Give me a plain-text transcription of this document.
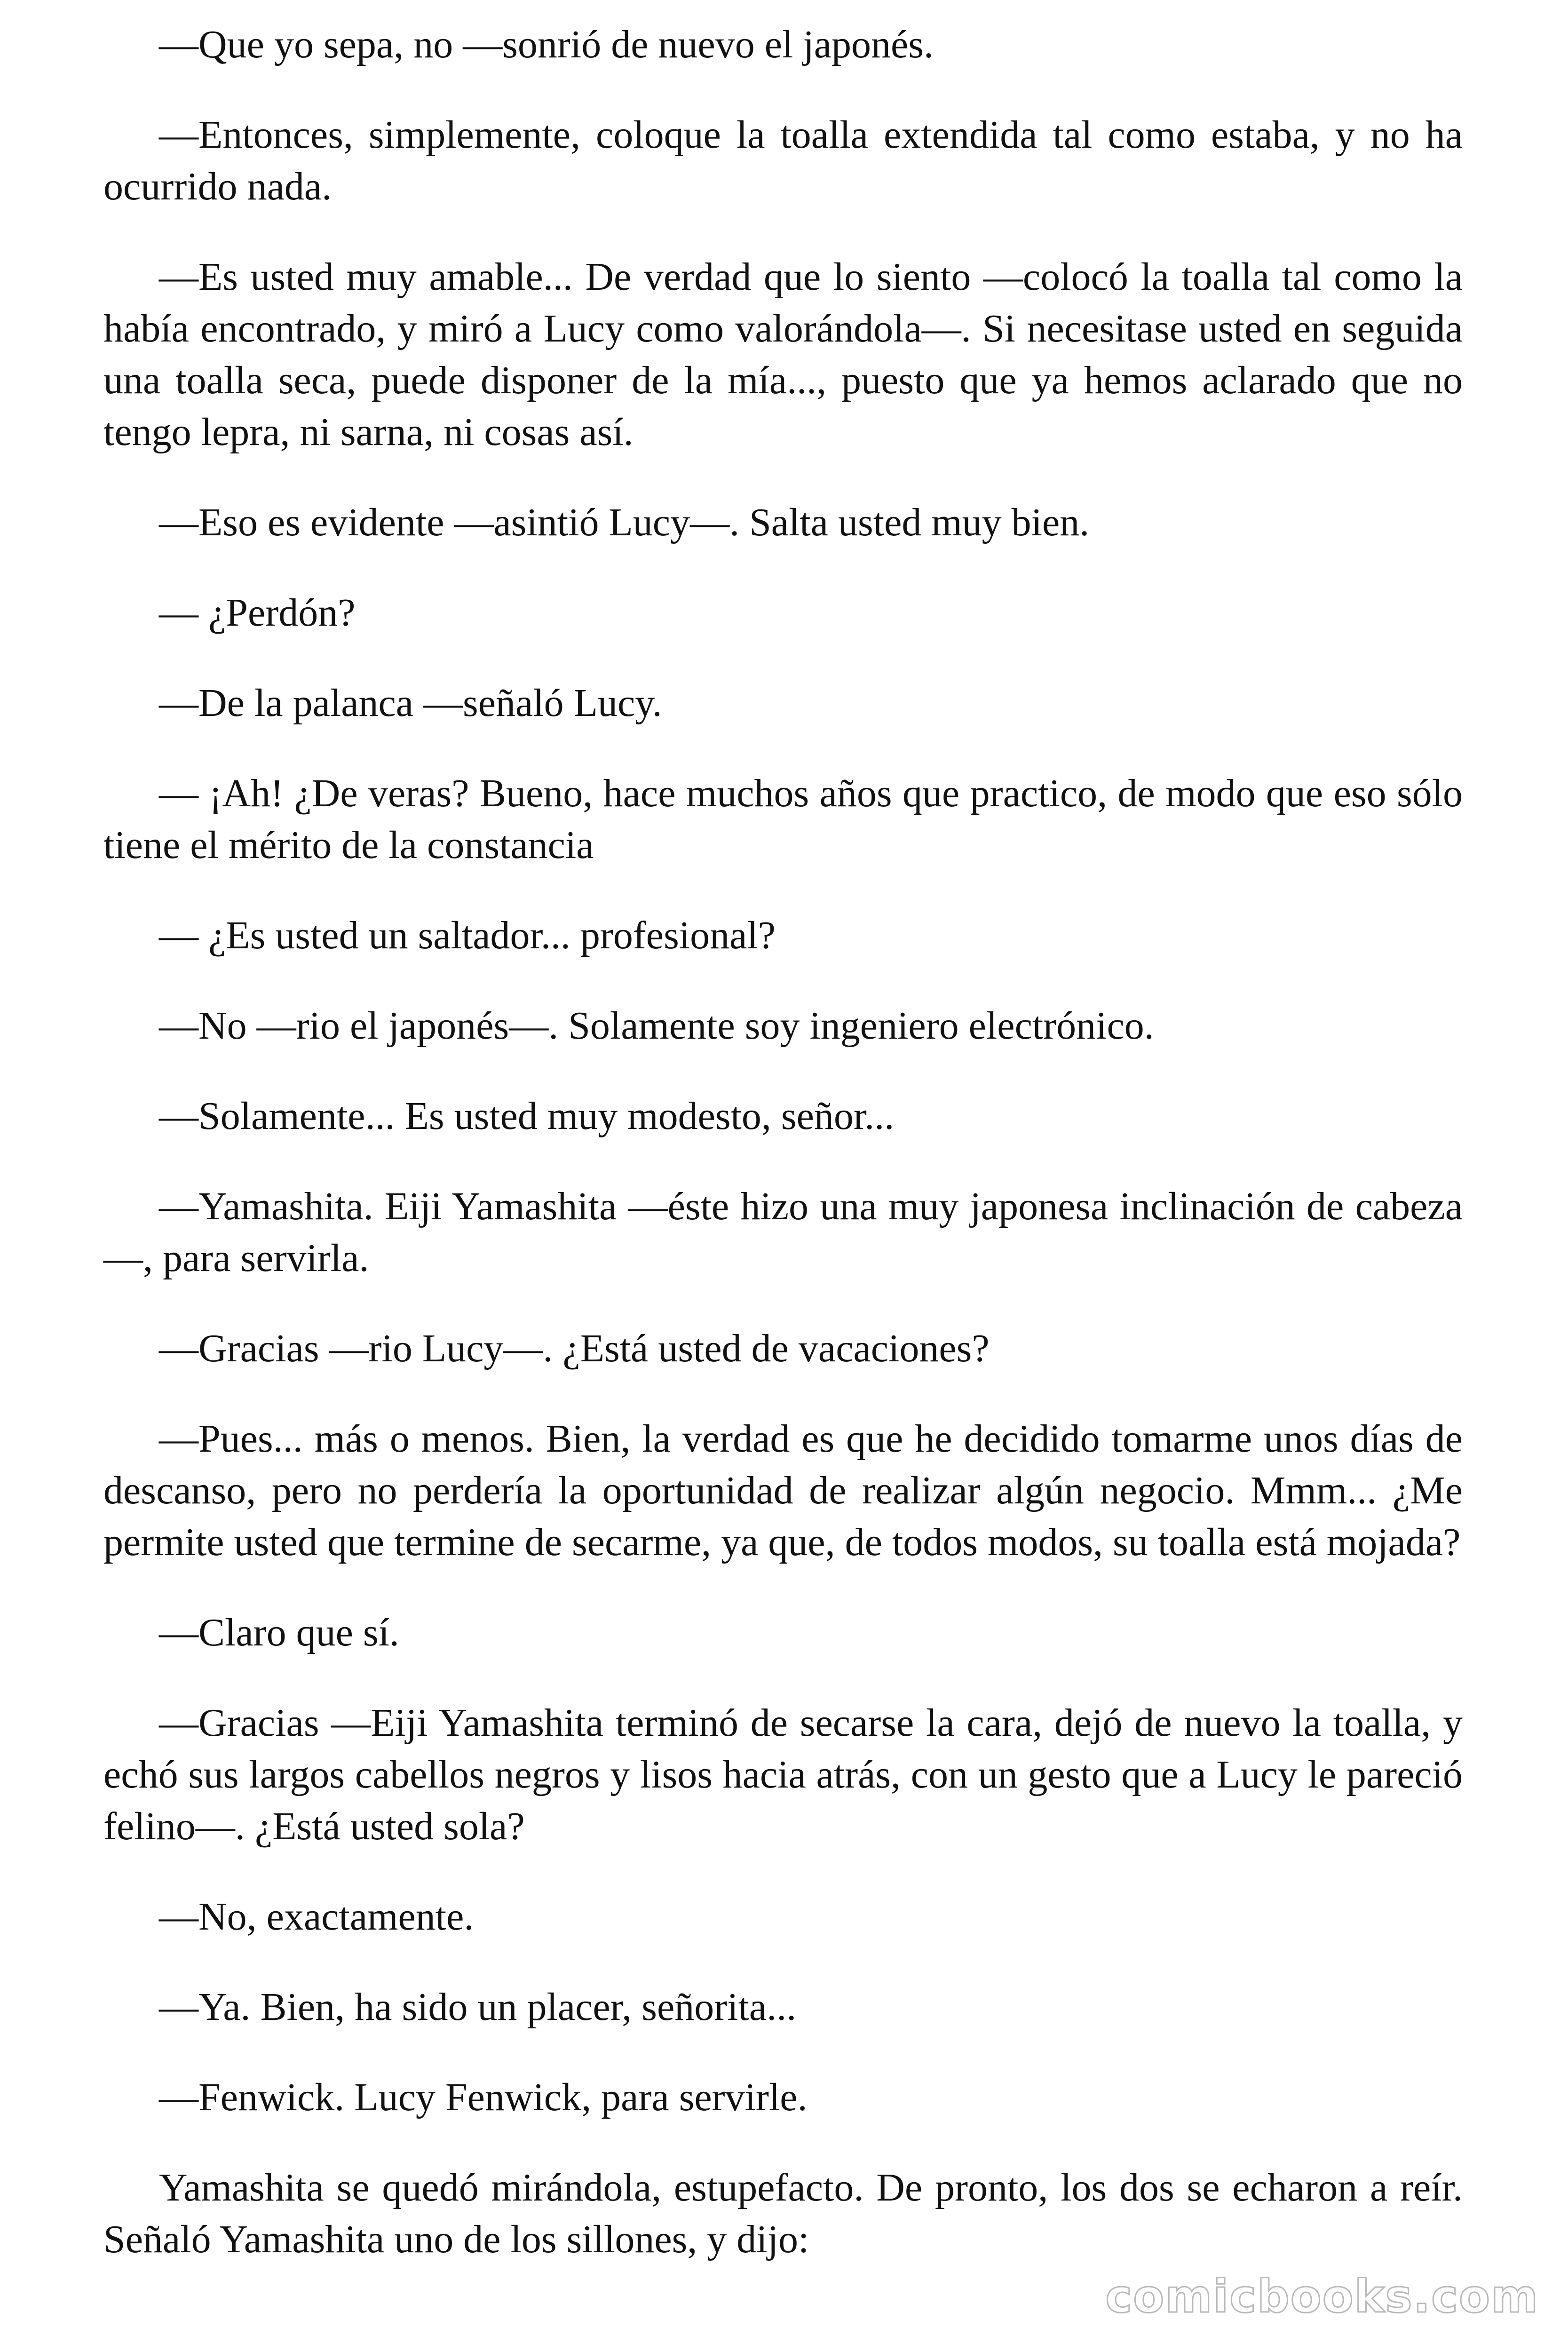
—Que yo sepa, no —sonrió de nuevo el japonés.

—Entonces, simplemente, coloque la toalla extendida tal como estaba, y no ha ocurrido nada.

—Es usted muy amable... De verdad que lo siento —colocó la toalla tal como la había encontrado, y miró a Lucy como valorándola—. Si necesitase usted en seguida una toalla seca, puede disponer de la mía..., puesto que ya hemos aclarado que no tengo lepra, ni sarna, ni cosas así.

—Eso es evidente —asintió Lucy—. Salta usted muy bien.

— ¿Perdón?

—De la palanca —señaló Lucy.

— ¡Ah! ¿De veras? Bueno, hace muchos años que practico, de modo que eso sólo tiene el mérito de la constancia

— ¿Es usted un saltador... profesional?

—No —rio el japonés—. Solamente soy ingeniero electrónico.

—Solamente... Es usted muy modesto, señor...

—Yamashita. Eiji Yamashita —éste hizo una muy japonesa inclinación de cabeza—, para servirla.

—Gracias —rio Lucy—. ¿Está usted de vacaciones?

—Pues... más o menos. Bien, la verdad es que he decidido tomarme unos días de descanso, pero no perdería la oportunidad de realizar algún negocio. Mmm... ¿Me permite usted que termine de secarme, ya que, de todos modos, su toalla está mojada?

—Claro que sí.

—Gracias —Eiji Yamashita terminó de secarse la cara, dejó de nuevo la toalla, y echó sus largos cabellos negros y lisos hacia atrás, con un gesto que a Lucy le pareció felino—. ¿Está usted sola?

—No, exactamente.

—Ya. Bien, ha sido un placer, señorita...

—Fenwick. Lucy Fenwick, para servirle.

Yamashita se quedó mirándola, estupefacto. De pronto, los dos se echaron a reír. Señaló Yamashita uno de los sillones, y dijo:

comicbooks.com
